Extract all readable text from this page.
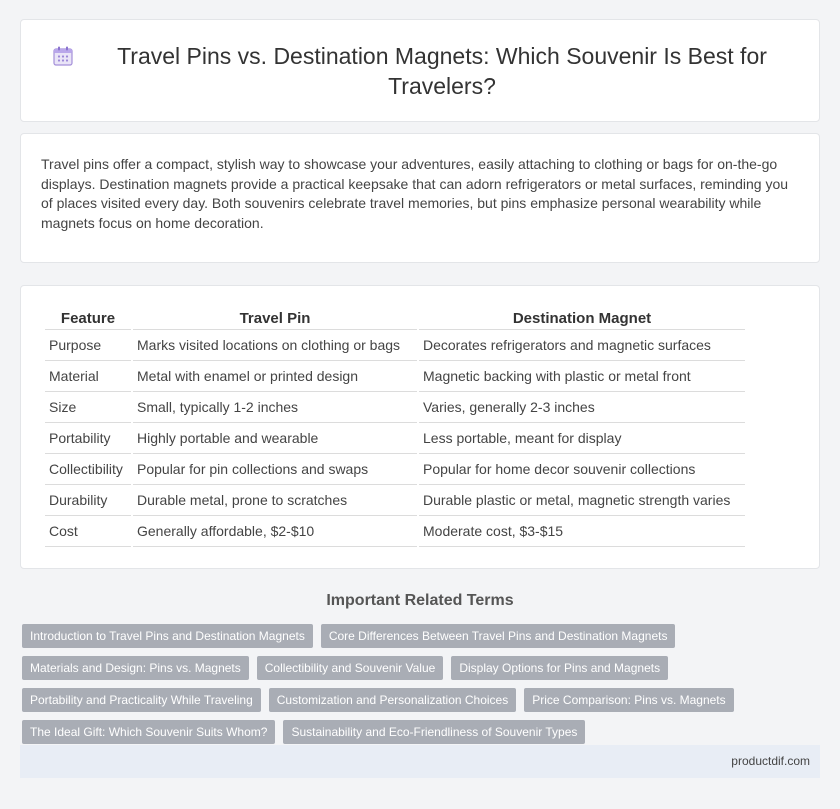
Travel Pins vs. Destination Magnets: Which Souvenir Is Best for Travelers?

Travel pins offer a compact, stylish way to showcase your adventures, easily attaching to clothing or bags for on-the-go displays. Destination magnets provide a practical keepsake that can adorn refrigerators or metal surfaces, reminding you of places visited every day. Both souvenirs celebrate travel memories, but pins emphasize personal wearability while magnets focus on home decoration.

Feature	Travel Pin	Destination Magnet
Purpose	Marks visited locations on clothing or bags	Decorates refrigerators and magnetic surfaces
Material	Metal with enamel or printed design	Magnetic backing with plastic or metal front
Size	Small, typically 1-2 inches	Varies, generally 2-3 inches
Portability	Highly portable and wearable	Less portable, meant for display
Collectibility	Popular for pin collections and swaps	Popular for home decor souvenir collections
Durability	Durable metal, prone to scratches	Durable plastic or metal, magnetic strength varies
Cost	Generally affordable, $2-$10	Moderate cost, $3-$15
Important Related Terms
Introduction to Travel Pins and Destination Magnets	Core Differences Between Travel Pins and Destination Magnets
Materials and Design: Pins vs. Magnets	Collectibility and Souvenir Value	Display Options for Pins and Magnets
Portability and Practicality While Traveling	Customization and Personalization Choices	Price Comparison: Pins vs. Magnets
The Ideal Gift: Which Souvenir Suits Whom?	Sustainability and Eco-Friendliness of Souvenir Types
productdif.com
